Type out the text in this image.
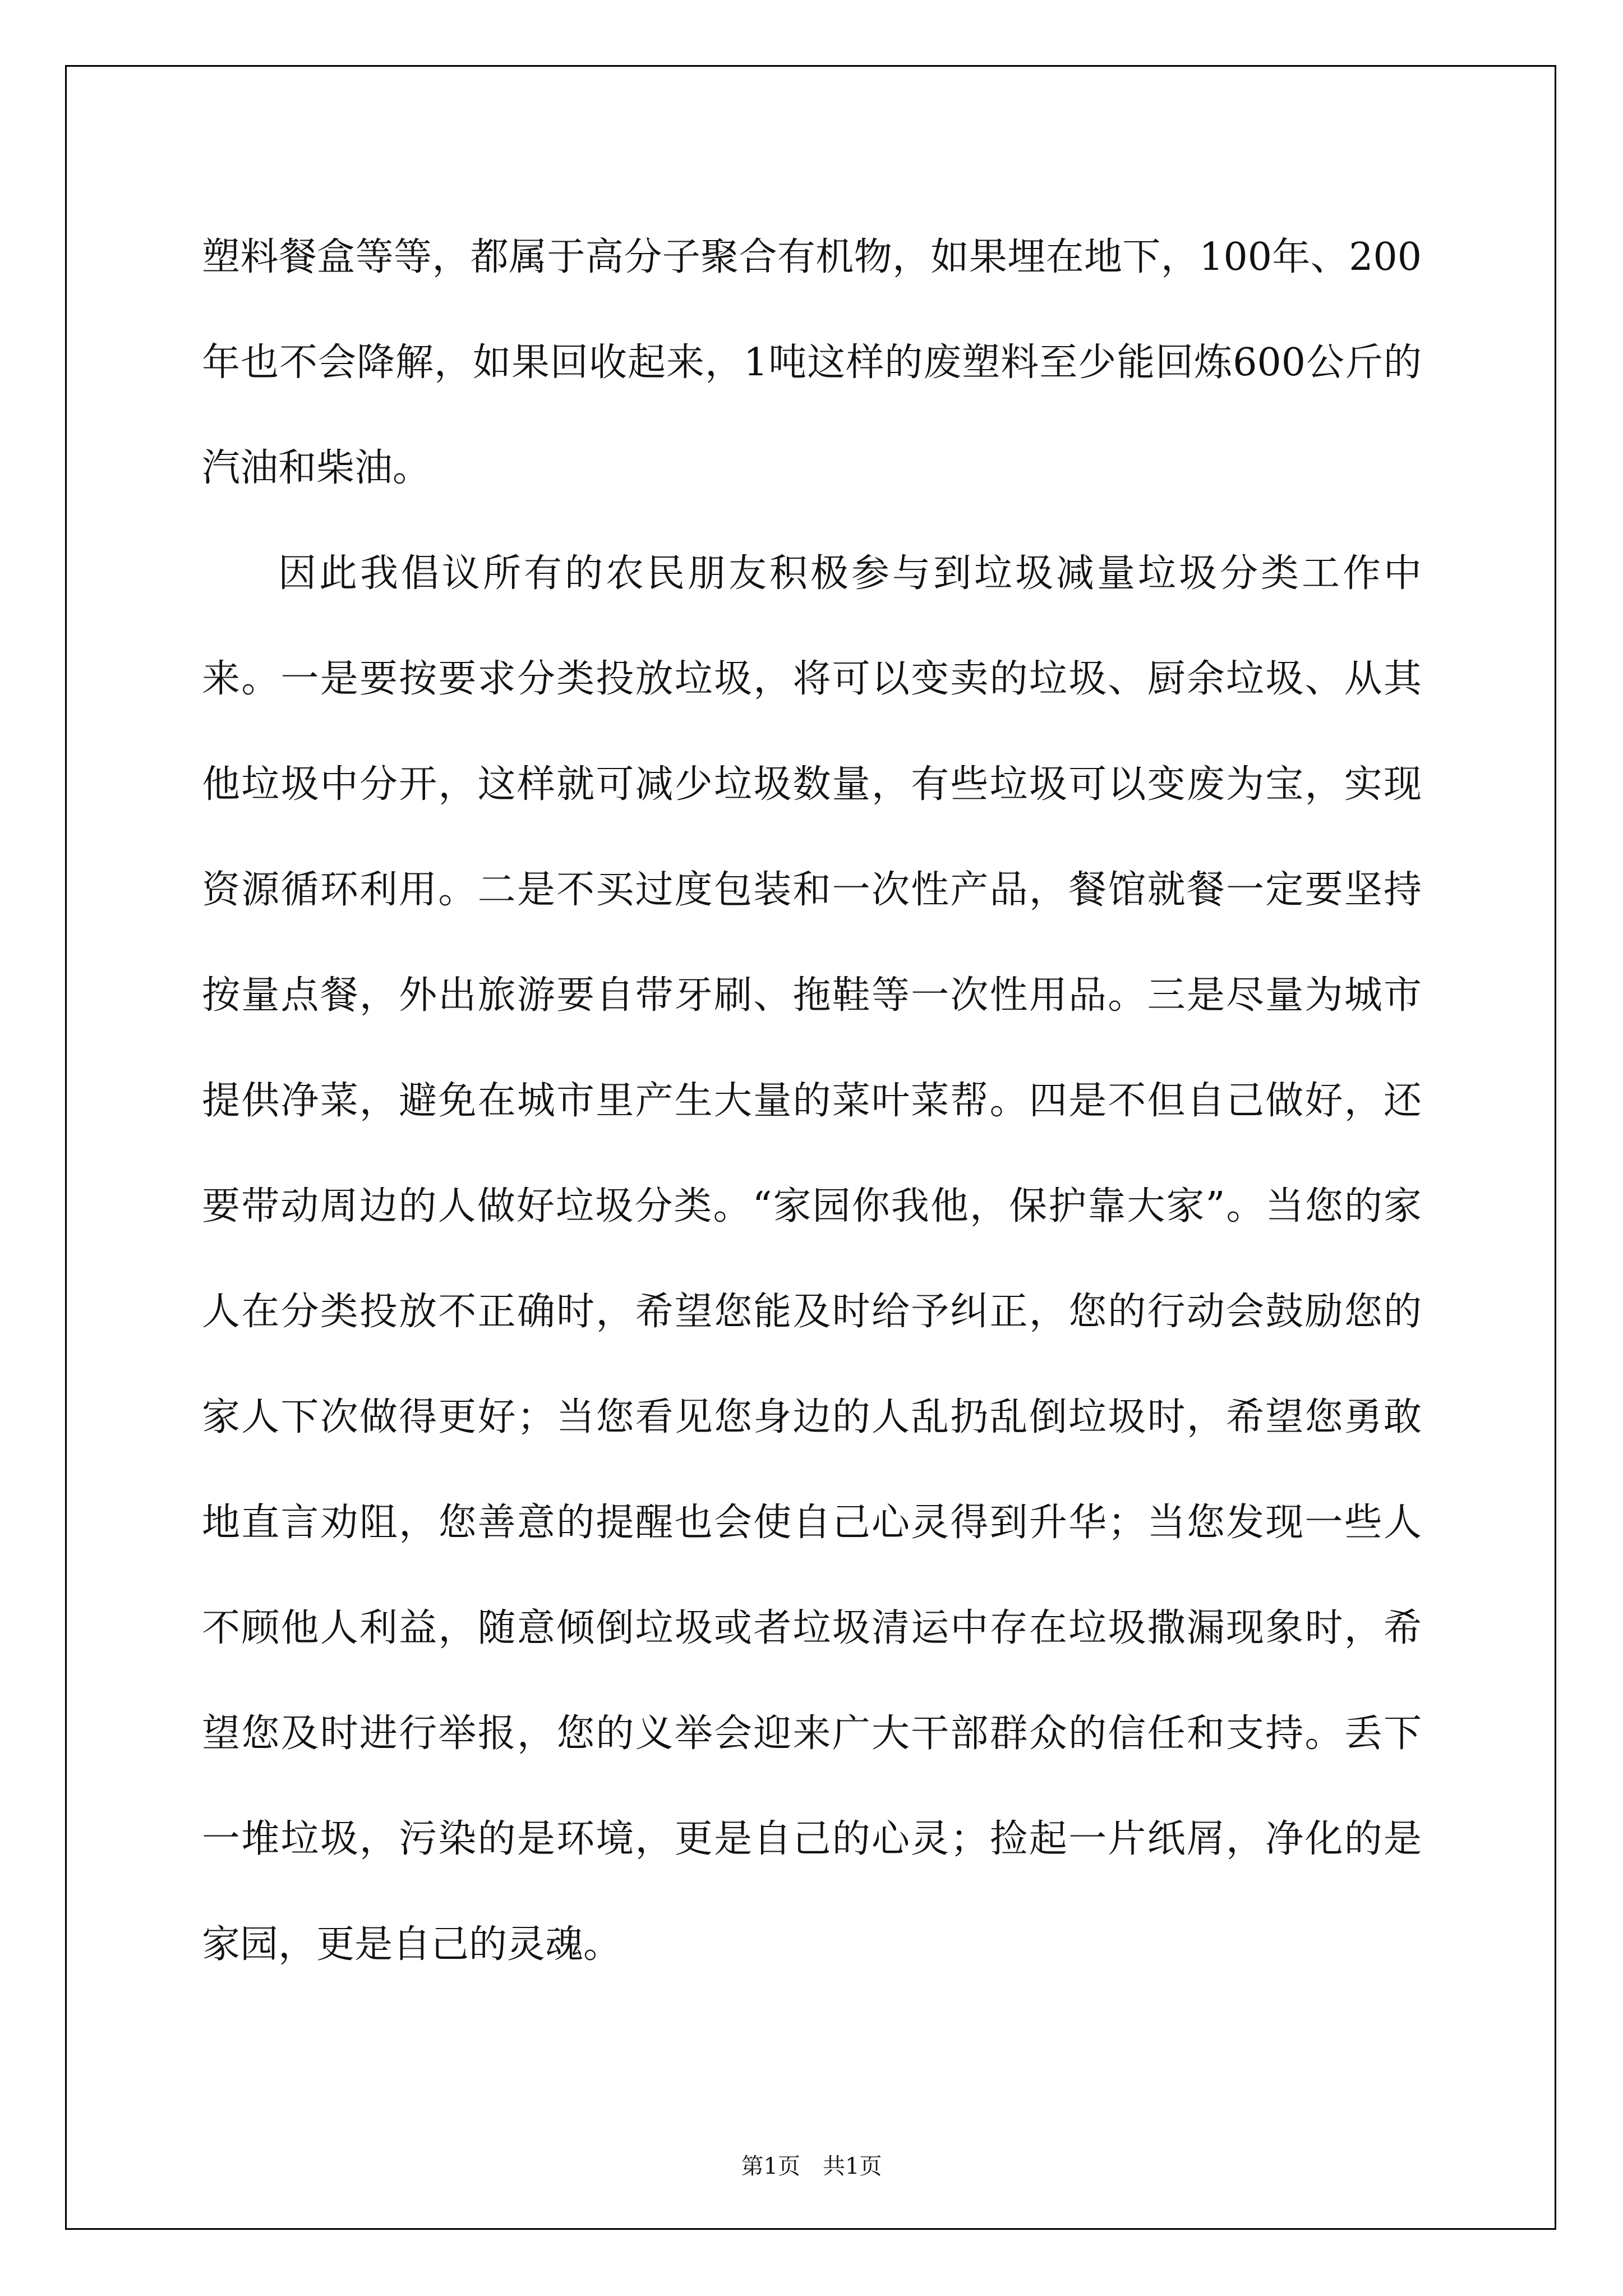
塑料餐盒等等，都属于高分子聚合有机物，如果埋在地下，100年、200年也不会降解，如果回收起来，1吨这样的废塑料至少能回炼600公斤的汽油和柴油。
因此我倡议所有的农民朋友积极参与到垃圾减量垃圾分类工作中来。一是要按要求分类投放垃圾，将可以变卖的垃圾、厨余垃圾、从其他垃圾中分开，这样就可减少垃圾数量，有些垃圾可以变废为宝，实现资源循环利用。二是不买过度包装和一次性产品，餐馆就餐一定要坚持按量点餐，外出旅游要自带牙刷、拖鞋等一次性用品。三是尽量为城市提供净菜，避免在城市里产生大量的菜叶菜帮。四是不但自己做好，还要带动周边的人做好垃圾分类。“家园你我他，保护靠大家”。当您的家人在分类投放不正确时，希望您能及时给予纠正，您的行动会鼓励您的家人下次做得更好；当您看见您身边的人乱扔乱倒垃圾时，希望您勇敢地直言劝阻，您善意的提醒也会使自己心灵得到升华；当您发现一些人不顾他人利益，随意倾倒垃圾或者垃圾清运中存在垃圾撒漏现象时，希望您及时进行举报，您的义举会迎来广大干部群众的信任和支持。丢下一堆垃圾，污染的是环境，更是自己的心灵；捡起一片纸屑，净化的是家园，更是自己的灵魂。
第1页　共1页
